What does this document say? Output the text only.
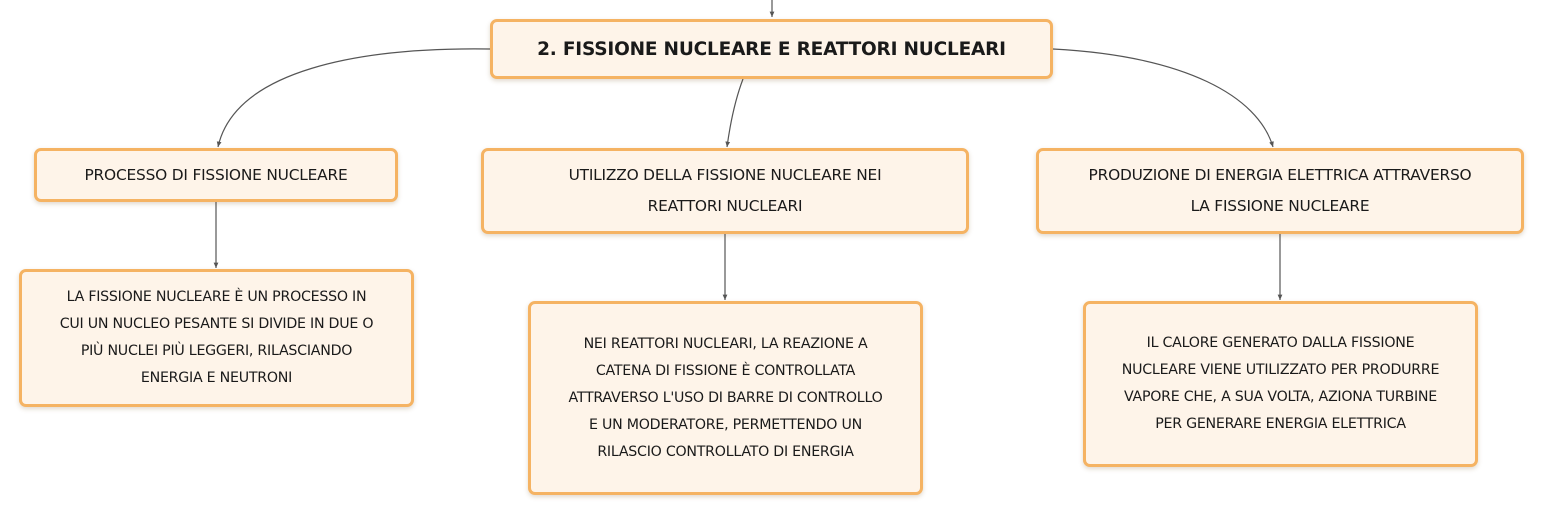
2. FISSIONE NUCLEARE E REATTORI NUCLEARI
PROCESSO DI FISSIONE NUCLEARE	UTILIZZO DELLA FISSIONE NUCLEARE NEI
REATTORI NUCLEARI
PRODUZIONE DI ENERGIA ELETTRICA ATTRAVERSO
LA FISSIONE NUCLEARE
LA FISSIONE NUCLEARE È UN PROCESSO IN
CUI UN NUCLEO PESANTE SI DIVIDE IN DUE O
PIÙ NUCLEI PIÙ LEGGERI, RILASCIANDO
ENERGIA E NEUTRONI
NEI REATTORI NUCLEARI, LA REAZIONE A
CATENA DI FISSIONE È CONTROLLATA
ATTRAVERSO L'USO DI BARRE DI CONTROLLO
E UN MODERATORE, PERMETTENDO UN
RILASCIO CONTROLLATO DI ENERGIA
IL CALORE GENERATO DALLA FISSIONE
NUCLEARE VIENE UTILIZZATO PER PRODURRE
VAPORE CHE, A SUA VOLTA, AZIONA TURBINE
PER GENERARE ENERGIA ELETTRICA
